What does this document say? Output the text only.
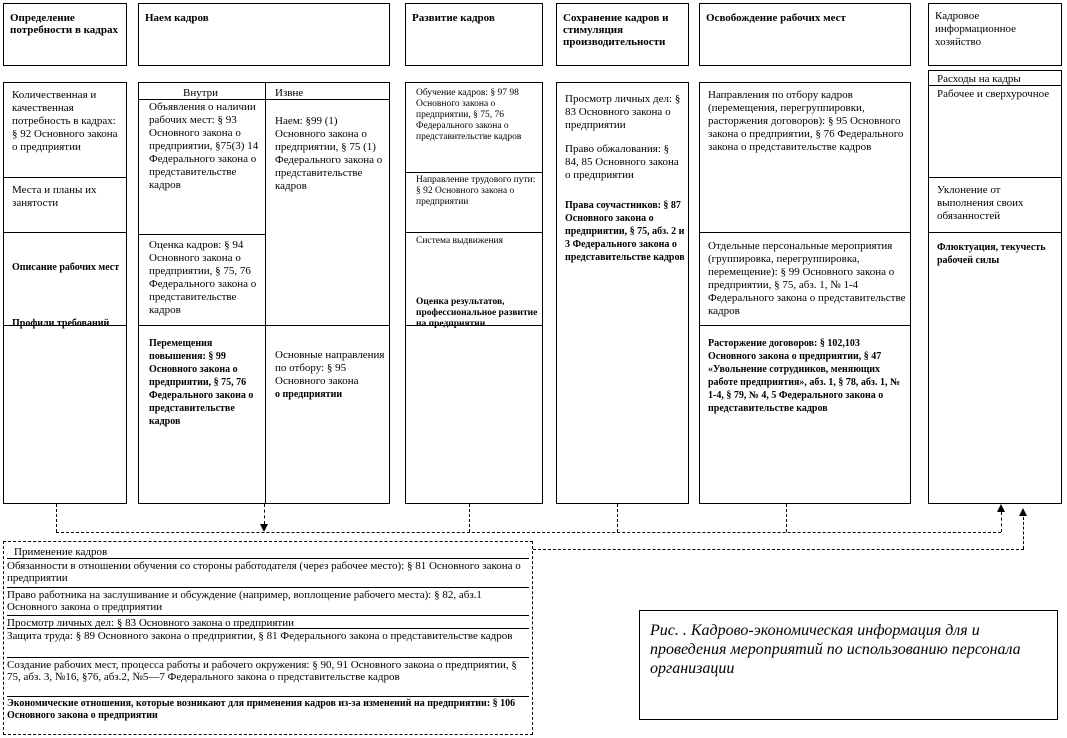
Определение потребности в кадрах
Наем кадров	Развитие кадров	Сохранение кадров и стимуляция производительности
Освобождение рабочих мест	Кадровое информационное хозяйство
Количественная и качественная потребность в кадрах: § 92 Основного закона о предприятии
Места и планы их занятости
Описание рабочих мест
Профили требований
Внутри	Извне
Объявления о наличии рабочих мест: § 93 Основного закона о предприятии, §75(3) 14 Федерального закона о представительстве кадров
Оценка кадров: § 94 Основного закона о предприятии, § 75, 76 Федерального закона о представительстве кадров
Перемещения повышения: § 99 Основного закона о предприятии, § 75, 76 Федерального закона о представительстве кадров
Наем: §99 (1) Основного закона о предприятии, § 75 (1) Федерального закона о представительстве кадров
Основные направления по отбору: § 95 Основного закона
о предприятии
Обучение кадров: § 97 98 Основного закона о предприятии, § 75, 76 Федерального закона о представительстве кадров
Направление трудового пути: § 92 Основного закона о предприятии
Система выдвижения
Оценка результатов, профессиональное развитие на предприятии
Просмотр личных дел: § 83 Основного закона о предприятии
Право обжалования: § 84, 85 Основного закона о предприятии
Права соучастников: § 87 Основного закона о предприятии, § 75, абз. 2 и 3 Федерального закона о представительстве кадров
Направления по отбору кадров (перемещения, перегруппировки, расторжения договоров): § 95 Основного закона о предприятии, § 76 Федерального закона о представительстве кадров
Отдельные персональные мероприятия (группировка, перегруппировка, перемещение): § 99 Основного закона о предприятии, § 75, абз. 1, № 1-4 Федерального закона о представительстве кадров
Расторжение договоров: § 102,103 Основного закона о предприятии, § 47 «Увольнение сотрудников, меняющих работе предприятия», абз. 1, § 78, абз. 1, № 1-4, § 79, № 4, 5 Федерального закона о представительстве кадров
Расходы на кадры
Рабочее и сверхурочное
Уклонение от выполнения своих обязанностей
Флюктуация, текучесть рабочей силы
Применение кадров
Обязанности в отношении обучения со стороны работодателя (через рабочее место): § 81 Основного закона о предприятии
Право работника на заслушивание и обсуждение (например, воплощение рабочего места): § 82, абз.1 Основного закона о предприятии
Просмотр личных дел: § 83 Основного закона о предприятии
Защита труда: § 89 Основного закона о предприятии, § 81 Федерального закона о представительстве кадров
Создание рабочих мест, процесса работы и рабочего окружения: § 90, 91 Основного закона о предприятии, § 75, абз. 3, №16, §76, абз.2, №5—7 Федерального закона о представительстве кадров
Экономические отношения, которые возникают для применения кадров из-за изменений на предприятии: § 106 Основного закона о предприятии
Рис. . Кадрово-экономическая информация для и проведения мероприятий по использованию персонала организации
